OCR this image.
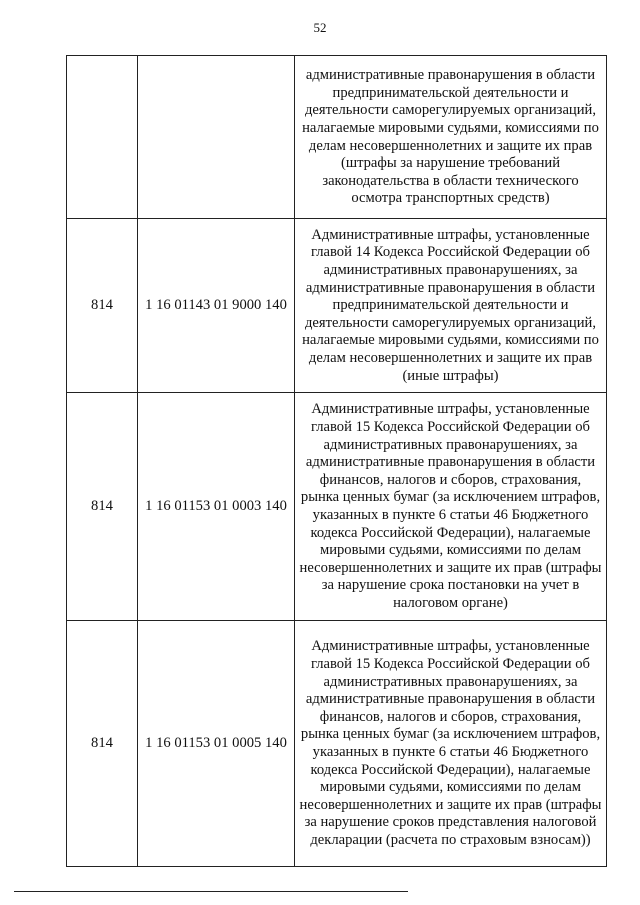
52
		административные правонарушения в области предпринимательской деятельности и деятельности саморегулируемых организаций, налагаемые мировыми судьями, комиссиями по делам несовершеннолетних и защите их прав (штрафы за нарушение требований законодательства в области технического осмотра транспортных средств)
814	1 16 01143 01 9000 140	Административные штрафы, установленные главой 14 Кодекса Российской Федерации об административных правонарушениях, за административные правонарушения в области предпринимательской деятельности и деятельности саморегулируемых организаций, налагаемые мировыми судьями, комиссиями по делам несовершеннолетних и защите их прав (иные штрафы)
814	1 16 01153 01 0003 140	Административные штрафы, установленные главой 15 Кодекса Российской Федерации об административных правонарушениях, за административные правонарушения в области финансов, налогов и сборов, страхования, рынка ценных бумаг (за исключением штрафов, указанных в пункте 6 статьи 46 Бюджетного кодекса Российской Федерации), налагаемые мировыми судьями, комиссиями по делам несовершеннолетних и защите их прав (штрафы за нарушение срока постановки на учет в налоговом органе)
814	1 16 01153 01 0005 140	Административные штрафы, установленные главой 15 Кодекса Российской Федерации об административных правонарушениях, за административные правонарушения в области финансов, налогов и сборов, страхования, рынка ценных бумаг (за исключением штрафов, указанных в пункте 6 статьи 46 Бюджетного кодекса Российской Федерации), налагаемые мировыми судьями, комиссиями по делам несовершеннолетних и защите их прав (штрафы за нарушение сроков представления налоговой декларации (расчета по страховым взносам))
